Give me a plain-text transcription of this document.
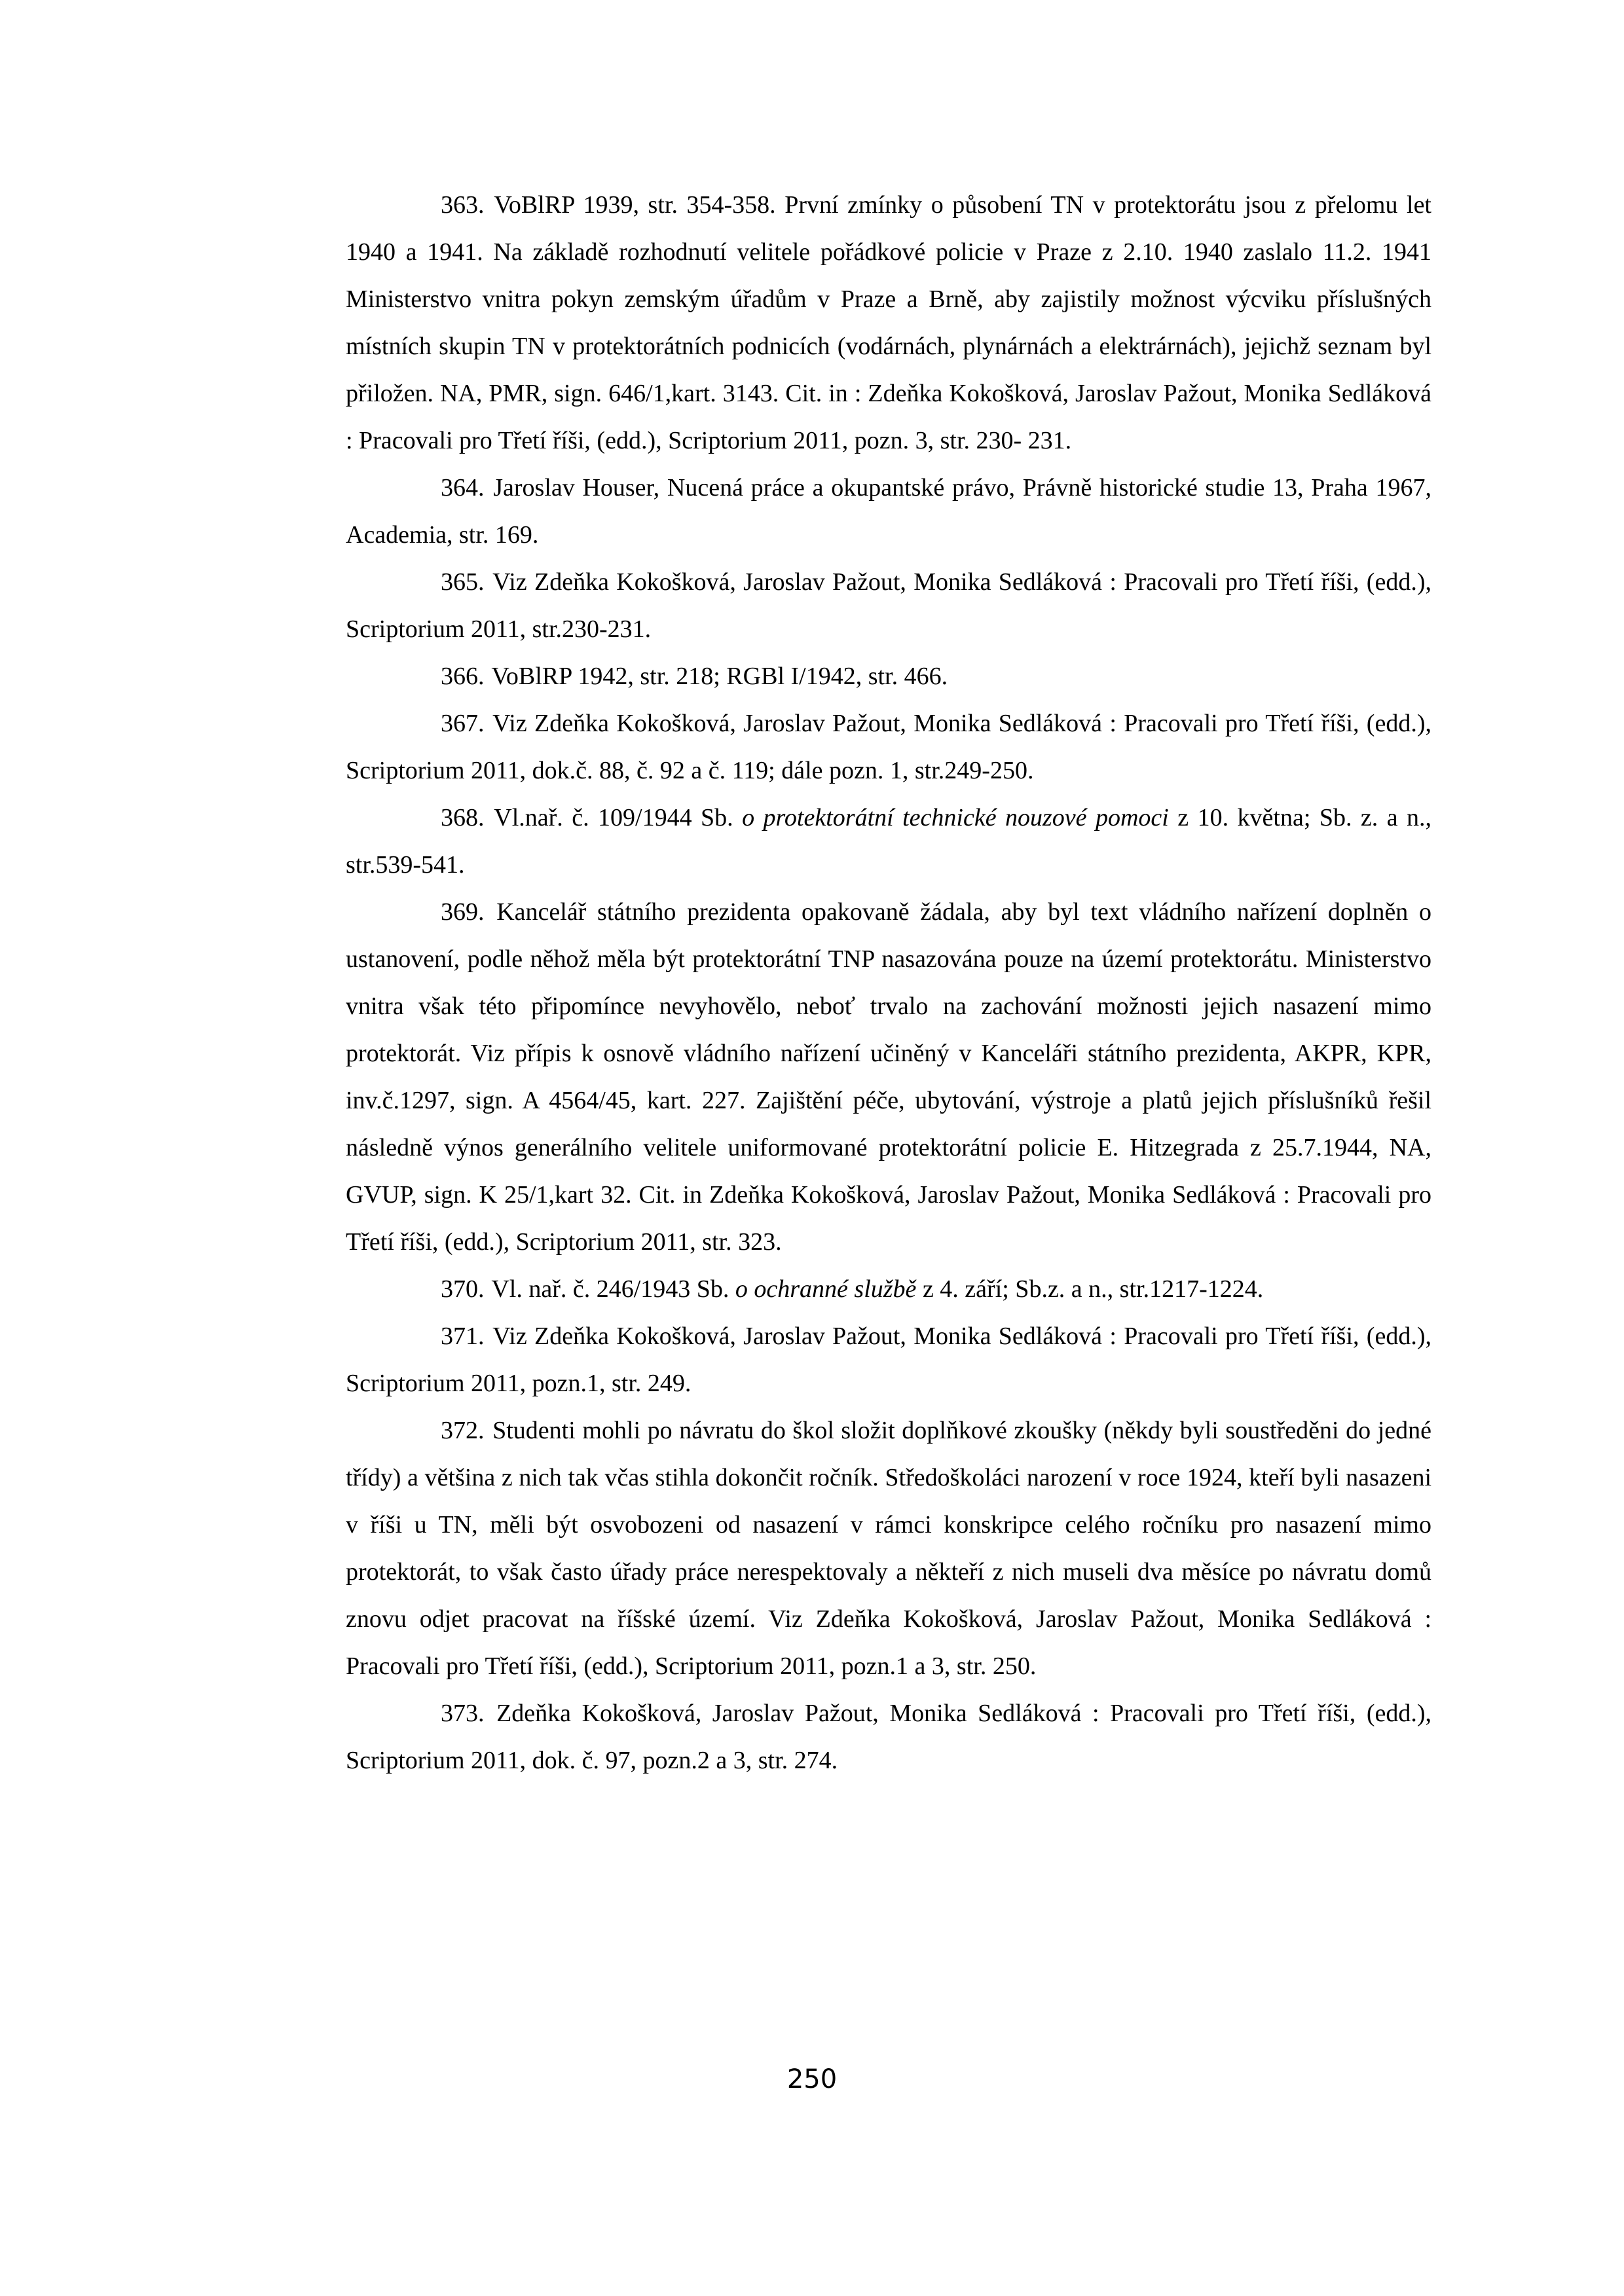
363. VoBlRP 1939, str. 354-358. První zmínky o působení TN v protektorátu jsou z přelomu let 1940 a 1941. Na základě rozhodnutí velitele pořádkové policie v Praze z 2.10. 1940 zaslalo 11.2. 1941 Ministerstvo vnitra pokyn zemským úřadům v Praze a Brně, aby zajistily možnost výcviku příslušných místních skupin TN v protektorátních podnicích (vodárnách, plynárnách a elektrárnách), jejichž seznam byl přiložen. NA, PMR, sign. 646/1,kart. 3143. Cit. in : Zdeňka Kokošková, Jaroslav Pažout, Monika Sedláková : Pracovali pro Třetí říši, (edd.), Scriptorium 2011, pozn. 3, str. 230- 231.

364. Jaroslav Houser, Nucená práce a okupantské právo, Právně historické studie 13, Praha 1967, Academia, str. 169.

365. Viz Zdeňka Kokošková, Jaroslav Pažout, Monika Sedláková : Pracovali pro Třetí říši, (edd.), Scriptorium 2011, str.230-231.

366. VoBlRP 1942, str. 218; RGBl I/1942, str. 466.

367. Viz Zdeňka Kokošková, Jaroslav Pažout, Monika Sedláková : Pracovali pro Třetí říši, (edd.), Scriptorium 2011, dok.č. 88, č. 92 a č. 119; dále pozn. 1, str.249-250.

368. Vl.nař. č. 109/1944 Sb. o protektorátní technické nouzové pomoci z 10. května; Sb. z. a n., str.539-541.

369. Kancelář státního prezidenta opakovaně žádala, aby byl text vládního nařízení doplněn o ustanovení, podle něhož měla být protektorátní TNP nasazována pouze na území protektorátu. Ministerstvo vnitra však této připomínce nevyhovělo, neboť trvalo na zachování možnosti jejich nasazení mimo protektorát. Viz přípis k osnově vládního nařízení učiněný v Kanceláři státního prezidenta, AKPR, KPR, inv.č.1297, sign. A 4564/45, kart. 227. Zajištění péče, ubytování, výstroje a platů jejich příslušníků řešil následně výnos generálního velitele uniformované protektorátní policie E. Hitzegrada z 25.7.1944, NA, GVUP, sign. K 25/1,kart 32. Cit. in Zdeňka Kokošková, Jaroslav Pažout, Monika Sedláková : Pracovali pro Třetí říši, (edd.), Scriptorium 2011, str. 323.

370. Vl. nař. č. 246/1943 Sb. o ochranné službě z 4. září; Sb.z. a n., str.1217-1224.

371. Viz Zdeňka Kokošková, Jaroslav Pažout, Monika Sedláková : Pracovali pro Třetí říši, (edd.), Scriptorium 2011, pozn.1, str. 249.

372. Studenti mohli po návratu do škol složit doplňkové zkoušky (někdy byli soustředěni do jedné třídy) a většina z nich tak včas stihla dokončit ročník. Středoškoláci narození v roce 1924, kteří byli nasazeni v říši u TN, měli být osvobozeni od nasazení v rámci konskripce celého ročníku pro nasazení mimo protektorát, to však často úřady práce nerespektovaly a někteří z nich museli dva měsíce po návratu domů znovu odjet pracovat na říšské území. Viz Zdeňka Kokošková, Jaroslav Pažout, Monika Sedláková : Pracovali pro Třetí říši, (edd.), Scriptorium 2011, pozn.1 a 3, str. 250.

373. Zdeňka Kokošková, Jaroslav Pažout, Monika Sedláková : Pracovali pro Třetí říši, (edd.), Scriptorium 2011, dok. č. 97, pozn.2 a 3, str. 274.

250
